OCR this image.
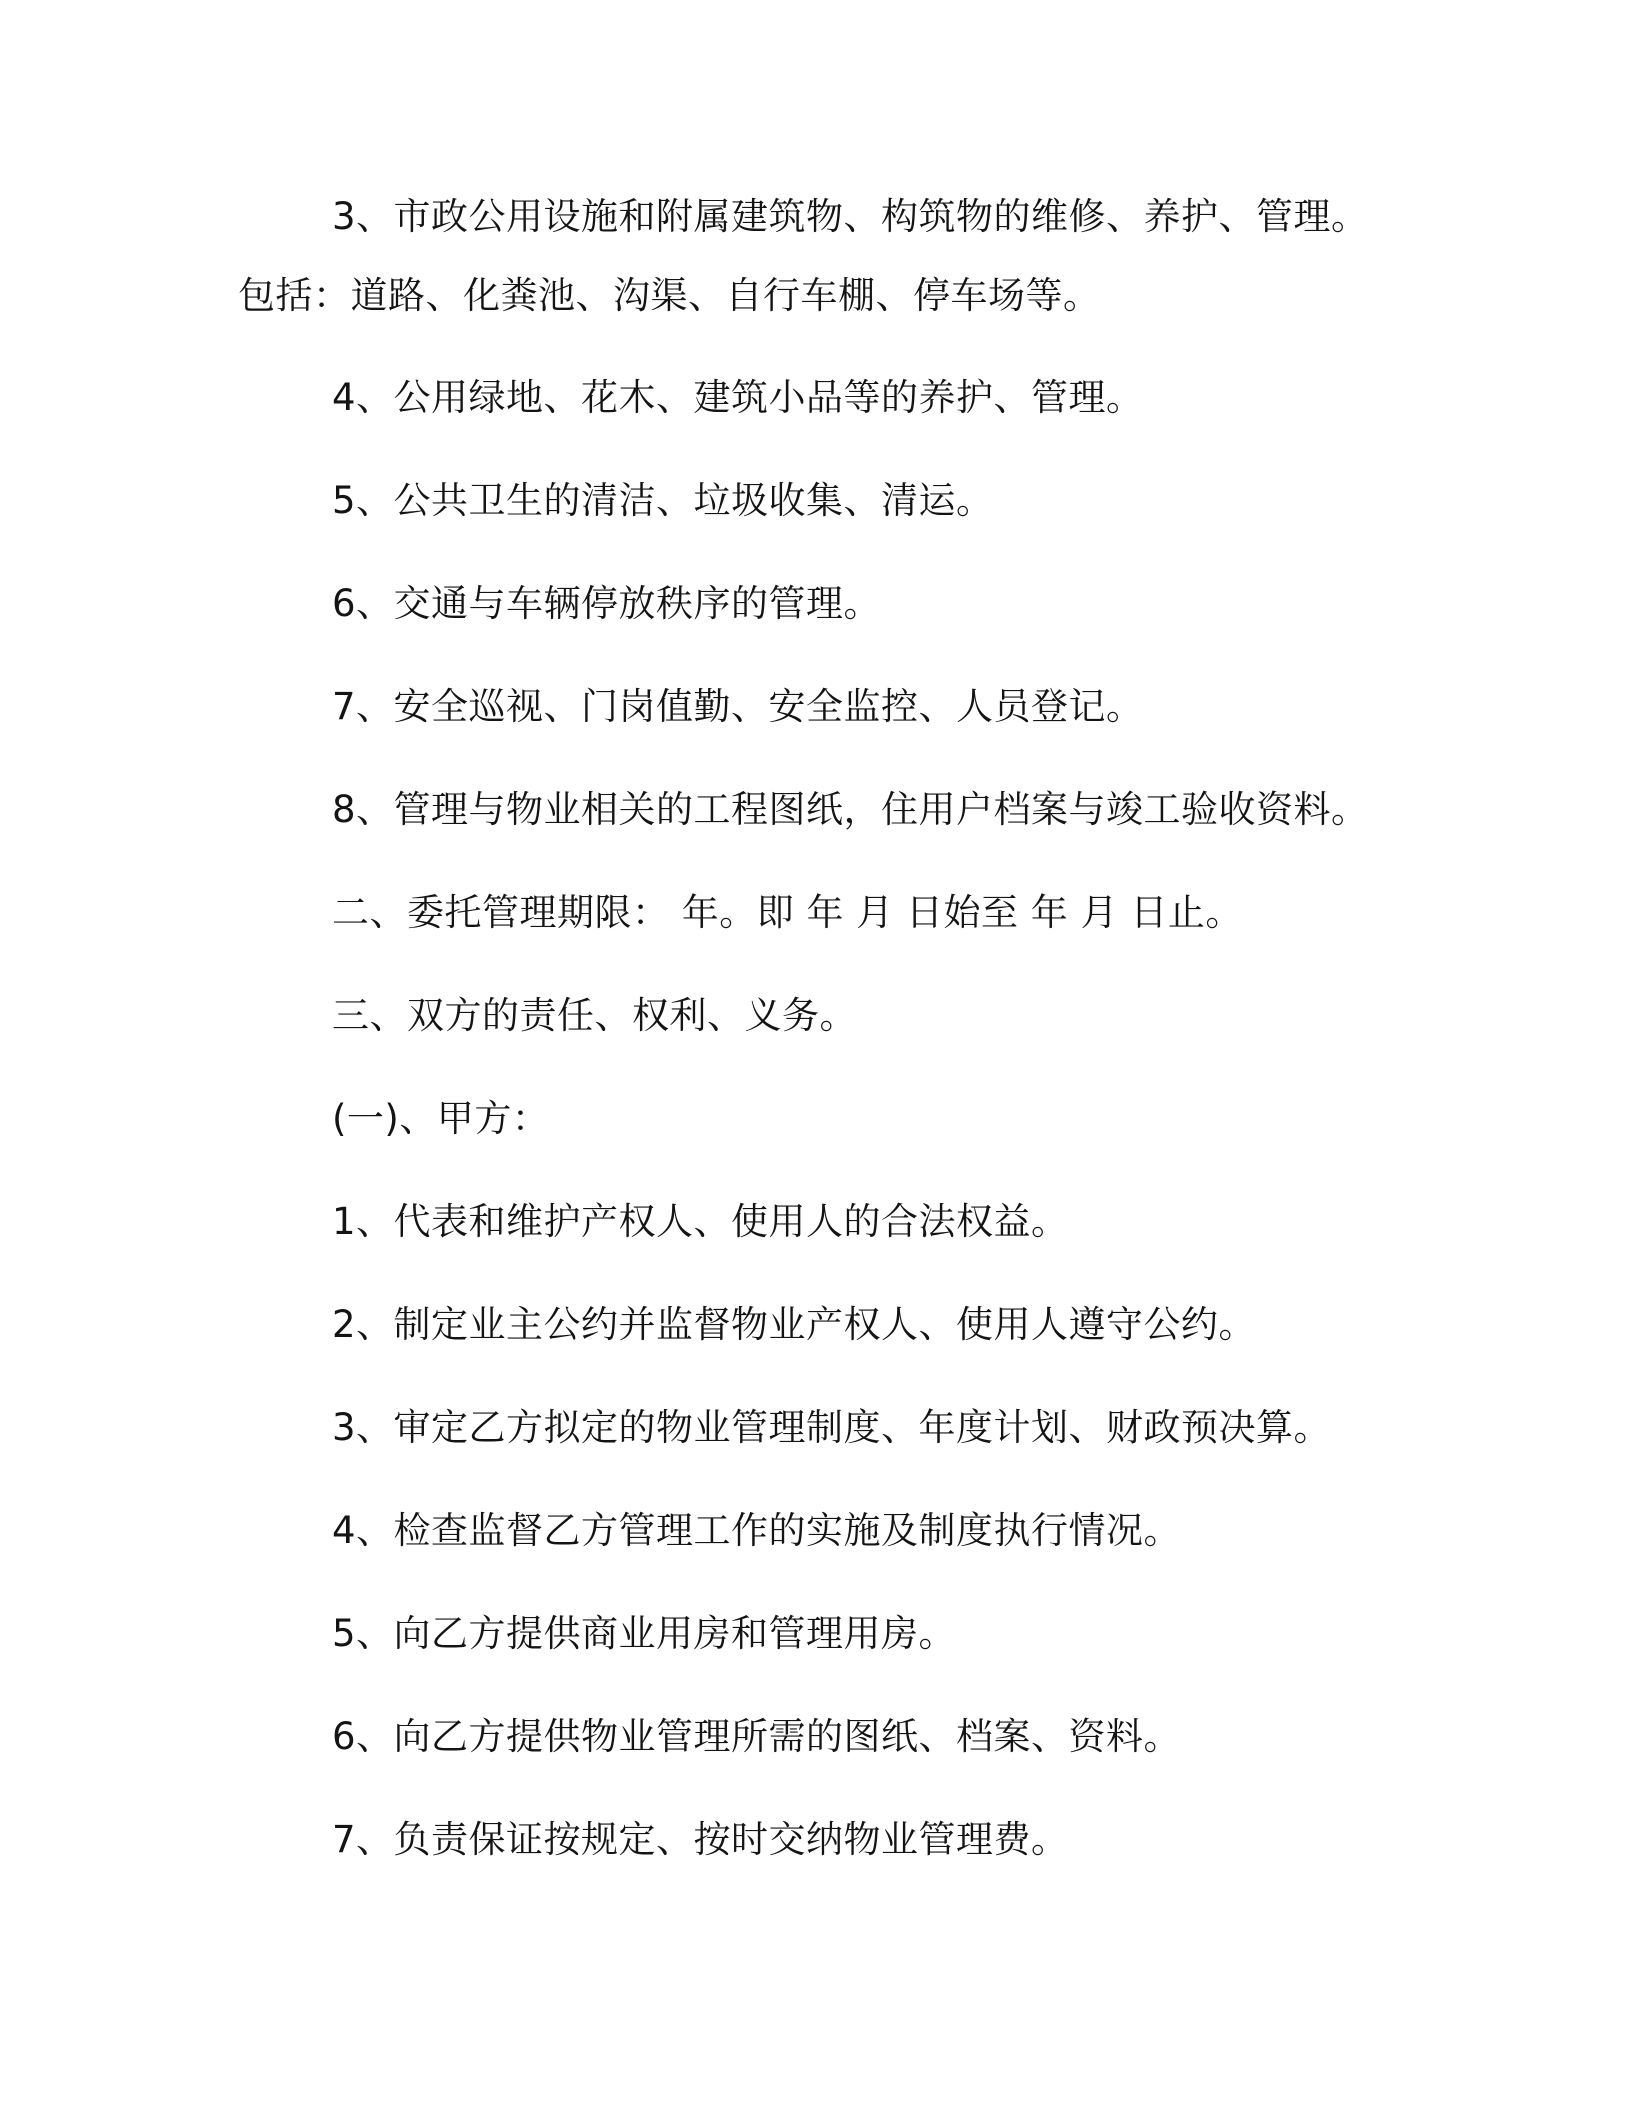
3、市政公用设施和附属建筑物、构筑物的维修、养护、管理。
包括：道路、化粪池、沟渠、自行车棚、停车场等。
4、公用绿地、花木、建筑小品等的养护、管理。
5、公共卫生的清洁、垃圾收集、清运。
6、交通与车辆停放秩序的管理。
7、安全巡视、门岗值勤、安全监控、人员登记。
8、管理与物业相关的工程图纸，住用户档案与竣工验收资料。
二、委托管理期限： 年。即 年 月 日始至 年 月 日止。
三、双方的责任、权利、义务。
(一)、甲方：
1、代表和维护产权人、使用人的合法权益。
2、制定业主公约并监督物业产权人、使用人遵守公约。
3、审定乙方拟定的物业管理制度、年度计划、财政预决算。
4、检查监督乙方管理工作的实施及制度执行情况。
5、向乙方提供商业用房和管理用房。
6、向乙方提供物业管理所需的图纸、档案、资料。
7、负责保证按规定、按时交纳物业管理费。
